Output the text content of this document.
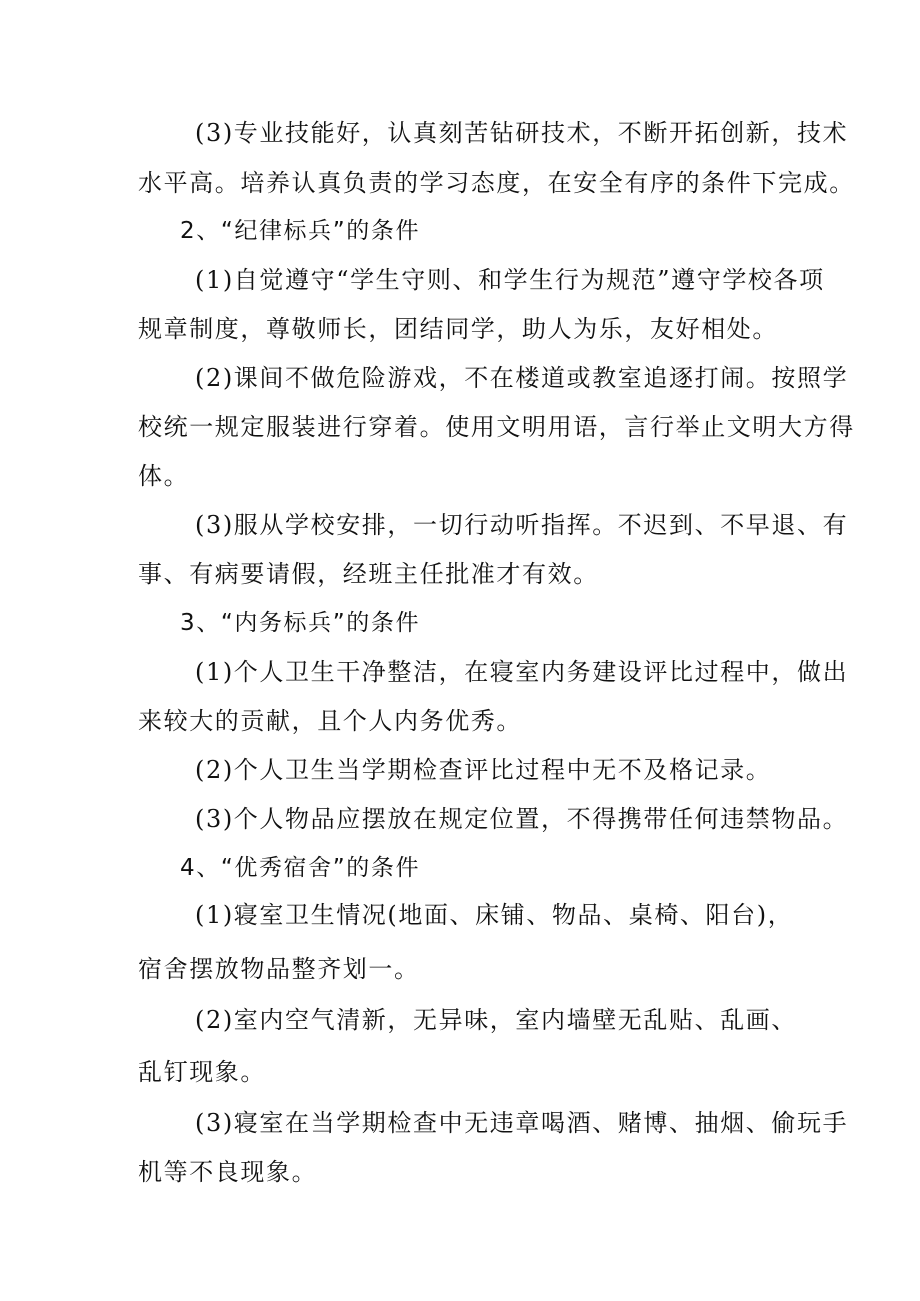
(3)专业技能好，认真刻苦钻研技术，不断开拓创新，技术
水平高。培养认真负责的学习态度，在安全有序的条件下完成。
2、“纪律标兵”的条件
(1)自觉遵守“学生守则、和学生行为规范”遵守学校各项
规章制度，尊敬师长，团结同学，助人为乐，友好相处。
(2)课间不做危险游戏，不在楼道或教室追逐打闹。按照学
校统一规定服装进行穿着。使用文明用语，言行举止文明大方得
体。
(3)服从学校安排，一切行动听指挥。不迟到、不早退、有
事、有病要请假，经班主任批准才有效。
3、“内务标兵”的条件
(1)个人卫生干净整洁，在寝室内务建设评比过程中，做出
来较大的贡献，且个人内务优秀。
(2)个人卫生当学期检查评比过程中无不及格记录。
(3)个人物品应摆放在规定位置，不得携带任何违禁物品。
4、“优秀宿舍”的条件
(1)寝室卫生情况(地面、床铺、物品、桌椅、阳台)，
宿舍摆放物品整齐划一。
(2)室内空气清新，无异味，室内墙壁无乱贴、乱画、
乱钉现象。
(3)寝室在当学期检查中无违章喝酒、赌博、抽烟、偷玩手
机等不良现象。
